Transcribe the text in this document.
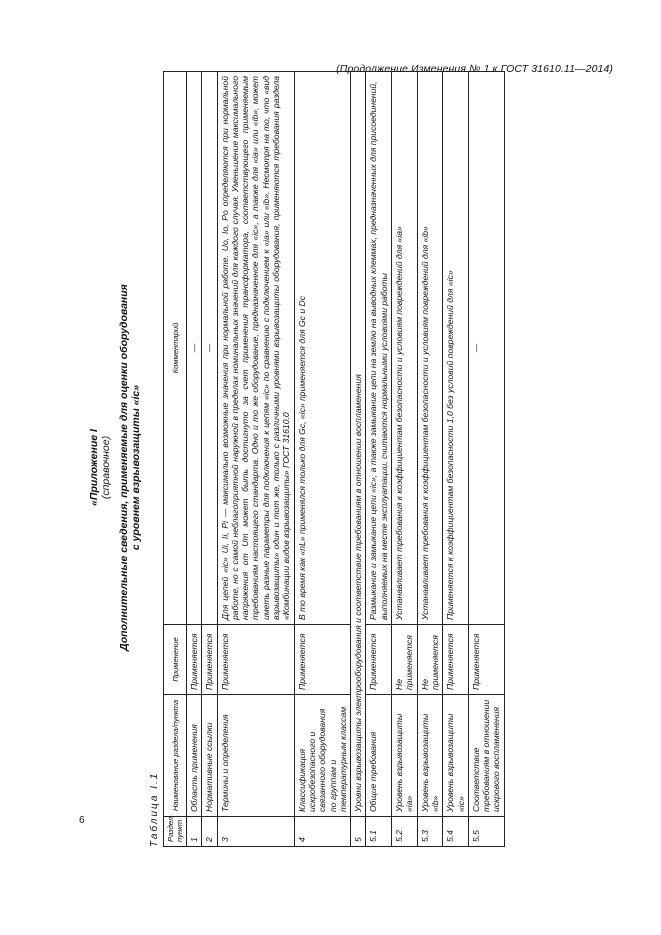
(Продолжение Изменения № 1 к ГОСТ 31610.11—2014)
6
«Приложение I (справочное) Дополнительные сведения, применяемые для оценки оборудования с уровнем взрывозащиты «ic»
Таблица I.1 Раздел, пункт	Наименование раздела/пункта	Применение	Комментарий
1	Область применения	Применяется	—
2	Нормативные ссылки	Применяется	—
3	Термины и определения	Применяется	Для цепей «ic» Ui, Ii, Pi — максимально возможные значения при нормальной работе. Uo, Io, Po определяются при нормальной работе, но с самой неблагоприятной наружной в пределах номинальных значений для каждого случая. Уменьшение максимального напряжения от Um может быть достигнуто за счет применения трансформатора, соответствующего применяемым требованиям настоящего стандарта. Одно и то же оборудование, предназначенное для «ic», а также для «ia» или «ib», может иметь разные параметры для подключения к цепям «ic» по сравнению с подключением к «ia» или «ib». Несмотря на то, что «вид взрывозащиты» один и тот же, только с различными уровнями взрывозащиты оборудования, применяются требования раздела «Комбинации видов взрывозащиты» ГОСТ 31610.0
4	Классификация искробезопасного и связанного оборудования по группам и температурным классам	Применяется	В то время как «nL» применялся только для Gc, «ic» применяется для Gc и Dc
5	Уровни взрывозащиты электрооборудования и соответствие требованиям в отношении воспламенения		
5.1	Общие требования	Применяется	Размыкание и замыкание цепи «ic», а также замыкание цепи на землю на выводных клеммах, предназначенных для присоединений, выполняемых на месте эксплуатации, считаются нормальными условиями работы
5.2	Уровень взрывозащиты «ia»	Не применяется	Устанавливает требования к коэффициентам безопасности и условиям повреждений для «ia»
5.3	Уровень взрывозащиты «ib»	Не применяется	Устанавливает требования к коэффициентам безопасности и условиям повреждений для «ib»
5.4	Уровень взрывозащиты «ic»	Применяется	Применяется к коэффициентам безопасности 1,0 без условий повреждений для «ic»
5.5	Соответствие требованиям в отношении искрового воспламенения	Применяется	—
